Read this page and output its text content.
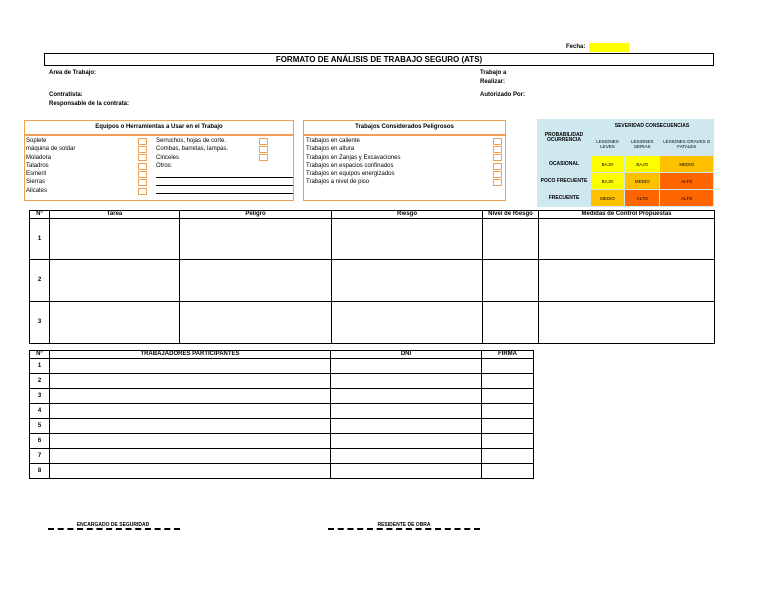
Fecha:
FORMATO DE ANÁLISIS DE TRABAJO SEGURO (ATS)
Area de Trabajo:	Trabajo a
Realizar:
Contratista:	Autorizado Por:
Responsable de la contrata:
Equipos o Herramientas a Usar en el Trabajo
Soplete
máquina de soldar
Moladora
Taladros
Esmeril
Sierras
Alicates
Serruchos, hojas de corte.
Combas, barretas, lampas.
Cinceles
Otros:
Trabajos Considerados Peligrosos
Trabajos en caliente
Trabajos en altura
Trabajos en Zanjas y Excavaciones
Trabajos en espacios confinados
Trabajos en equipos energizados
Trabajos a nivel de piso
PROBABILIDAD OCURRENCIA	SEVERIDAD CONSECUENCIAS		
	LESIONES LEVES	LESIONES SERIAS	LESIONES GRAVES O FATALES
OCASIONAL	BAJO	BAJO	MEDIO
POCO FRECUENTE	BAJO	MEDIO	ALTO
FRECUENTE	MEDIO	ALTO	ALTO
N°	Tarea	Peligro	Riesgo	Nivel de Riesgo	Medidas de Control Propuestas
1					
2					
3					
N°	TRABAJADORES PARTICIPANTES	DNI	FIRMA
1			
2			
3			
4			
5			
6			
7			
8			
ENCARGADO DE SEGURIDAD	RESIDENTE DE OBRA
